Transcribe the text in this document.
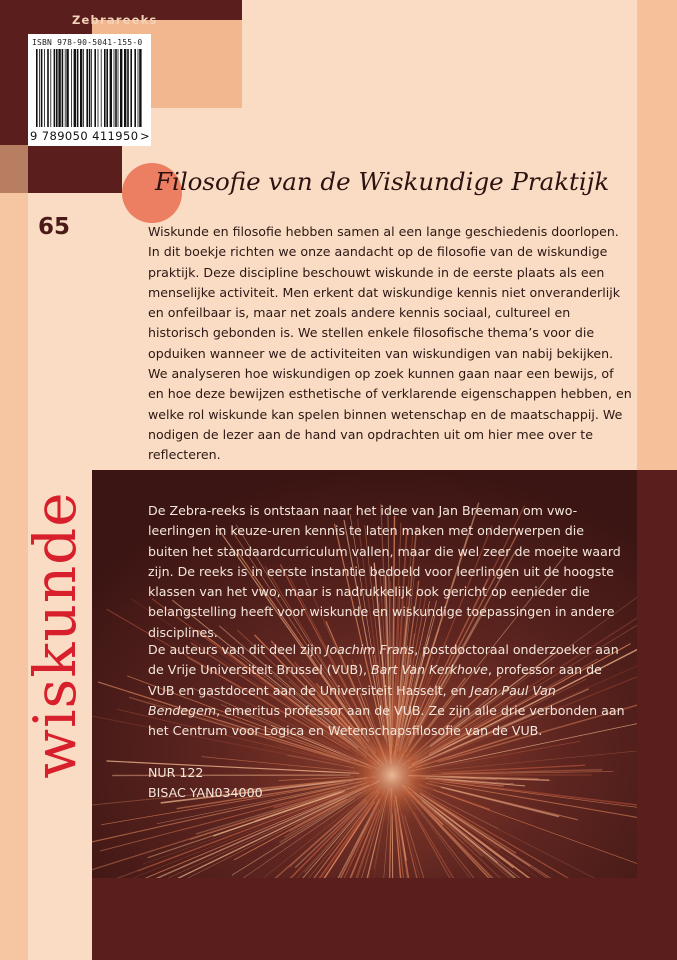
Zebrareeks
ISBN 978-90-5041-155-0
9 789050 411950 >
Filosofie van de Wiskundige Praktijk
65	Wiskunde en filosofie hebben samen al een lange geschiedenis doorlopen. In dit boekje richten we onze aandacht op de filosofie van de wiskundige praktijk. Deze discipline beschouwt wiskunde in de eerste plaats als een menselijke activiteit. Men erkent dat wiskundige kennis niet onveranderlijk en onfeilbaar is, maar net zoals andere kennis sociaal, cultureel en historisch gebonden is. We stellen enkele filosofische thema’s voor die opduiken wanneer we de activiteiten van wiskundigen van nabij bekijken. We analyseren hoe wiskundigen op zoek kunnen gaan naar een bewijs, of en hoe deze bewijzen esthetische of verklarende eigenschappen hebben, en welke rol wiskunde kan spelen binnen wetenschap en de maatschappij. We nodigen de lezer aan de hand van opdrachten uit om hier mee over te reflecteren.

wiskunde	De Zebra-reeks is ontstaan naar het idee van Jan Breeman om vwo-leerlingen in keuze-uren kennis te laten maken met onderwerpen die buiten het standaardcurriculum vallen, maar die wel zeer de moeite waard zijn. De reeks is in eerste instantie bedoeld voor leerlingen uit de hoogste klassen van het vwo, maar is nadrukkelijk ook gericht op eenieder die belangstelling heeft voor wiskunde en wiskundige toepassingen in andere disciplines.

De auteurs van dit deel zijn Joachim Frans, postdoctoraal onderzoeker aan de Vrije Universiteit Brussel (VUB), Bart Van Kerkhove, professor aan de VUB en gastdocent aan de Universiteit Hasselt, en Jean Paul Van Bendegem, emeritus professor aan de VUB. Ze zijn alle drie verbonden aan het Centrum voor Logica en Wetenschapsfilosofie van de VUB.

NUR 122
BISAC YAN034000
